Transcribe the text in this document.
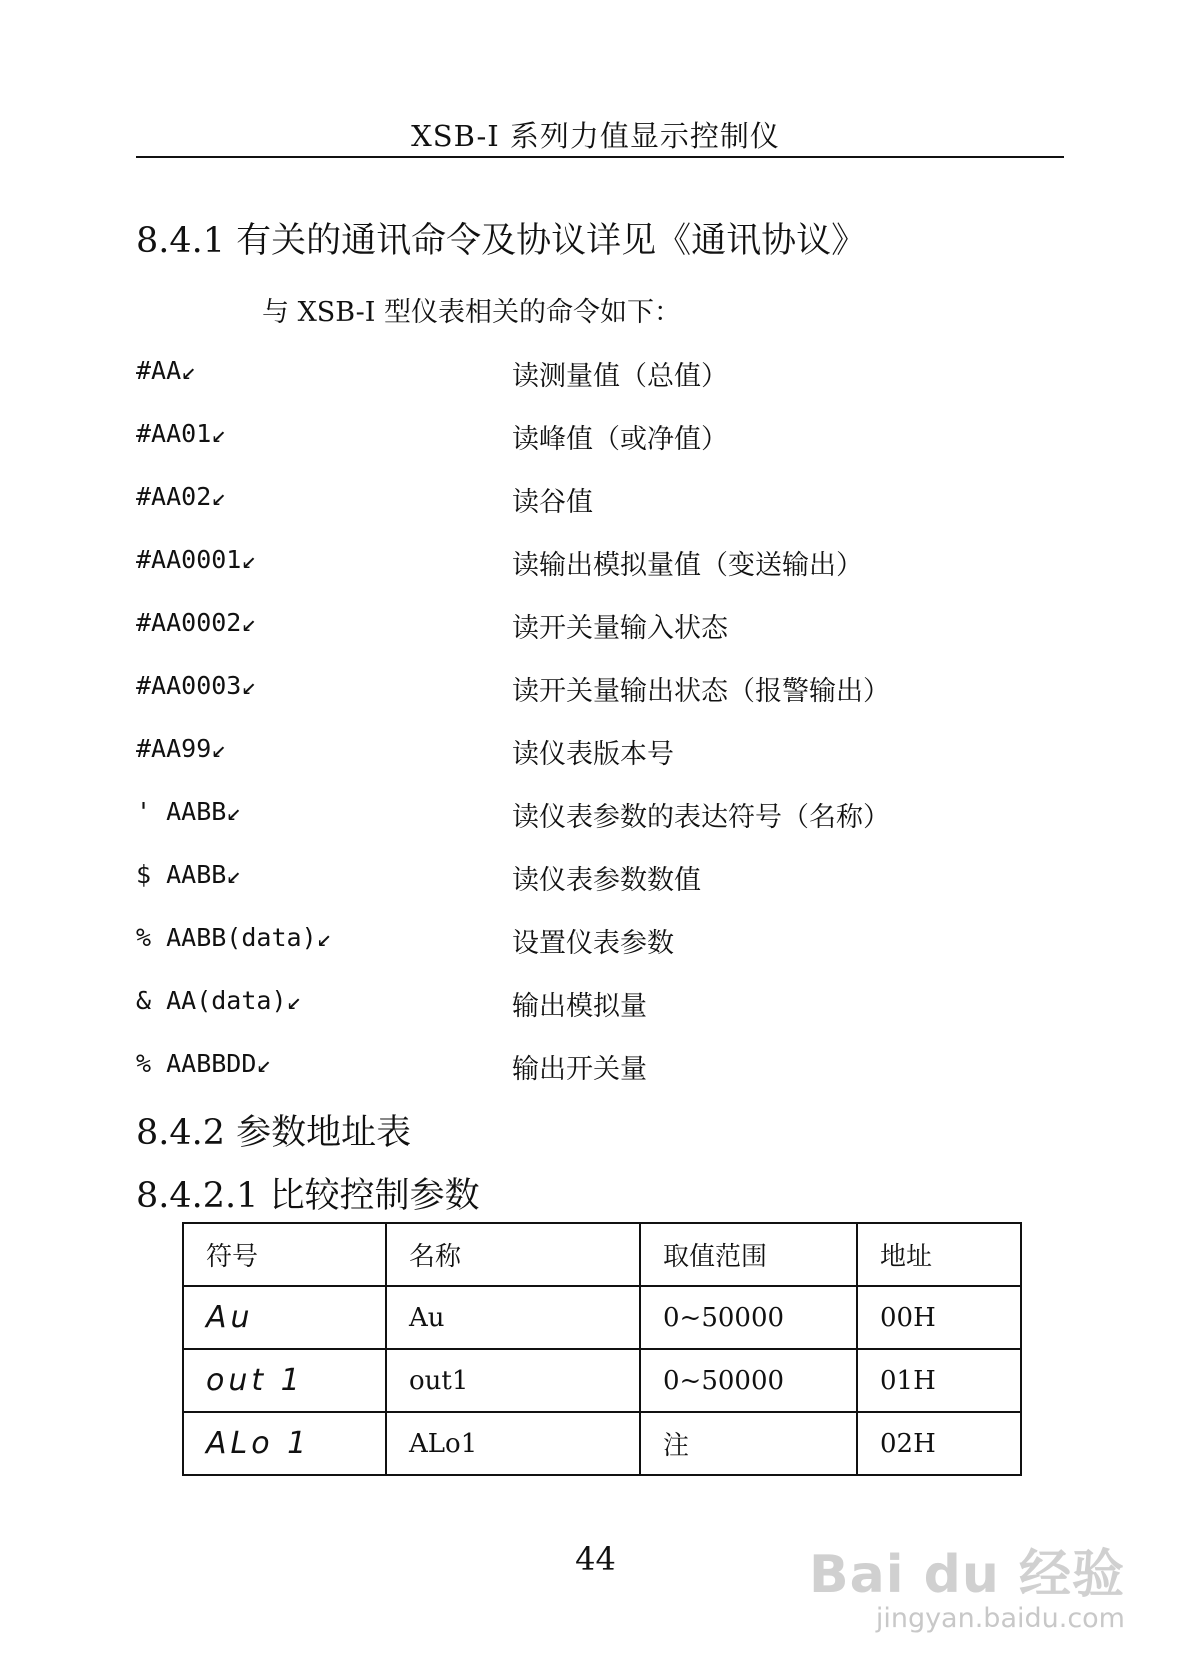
XSB-I 系列力值显示控制仪
8.4.1 有关的通讯命令及协议详见《通讯协议》
与 XSB-I 型仪表相关的命令如下：
#AA↙	读测量值（总值）
#AA01↙	读峰值（或净值）
#AA02↙	读谷值
#AA0001↙	读输出模拟量值（变送输出）
#AA0002↙	读开关量输入状态
#AA0003↙	读开关量输出状态（报警输出）
#AA99↙	读仪表版本号
' AABB↙	读仪表参数的表达符号（名称）
$ AABB↙	读仪表参数数值
% AABB(data)↙	设置仪表参数
& AA(data)↙	输出模拟量
% AABBDD↙	输出开关量
8.4.2 参数地址表
8.4.2.1 比较控制参数
符号	名称	取值范围	地址
Au	Au	0~50000	00H
out 1	out1	0~50000	01H
ALo 1	ALo1	注	02H
44	Bai du 经验
jingyan.baidu.com
